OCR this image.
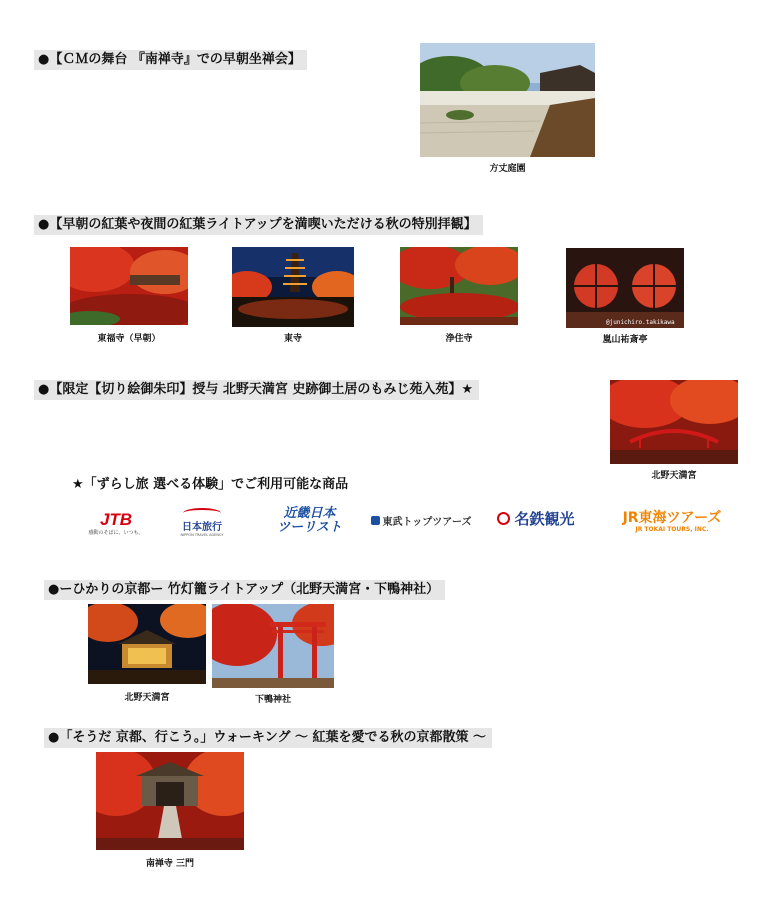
●【ＣＭの舞台 『南禅寺』での早朝坐禅会】
方丈庭園
●【早朝の紅葉や夜間の紅葉ライトアップを満喫いただける秋の特別拝観】
東福寺（早朝）	東寺	浄住寺
@junichiro.takikawa
嵐山祐斎亭
●【限定【切り絵御朱印】授与 北野天満宮 史跡御土居のもみじ苑入苑】★
北野天満宮
★「ずらし旅 選べる体験」でご利用可能な商品
JTB
感動のそばに、いつも。	日本旅行
NIPPON TRAVEL AGENCY
近畿日本
ツーリスト	東武トップツアーズ	名鉄観光	JR東海ツアーズ
JR TOKAI TOURS, INC.
●ーひかりの京都ー 竹灯籠ライトアップ（北野天満宮・下鴨神社）
北野天満宮	下鴨神社
●「そうだ 京都、行こう。」ウォーキング ～ 紅葉を愛でる秋の京都散策 ～
南禅寺 三門
